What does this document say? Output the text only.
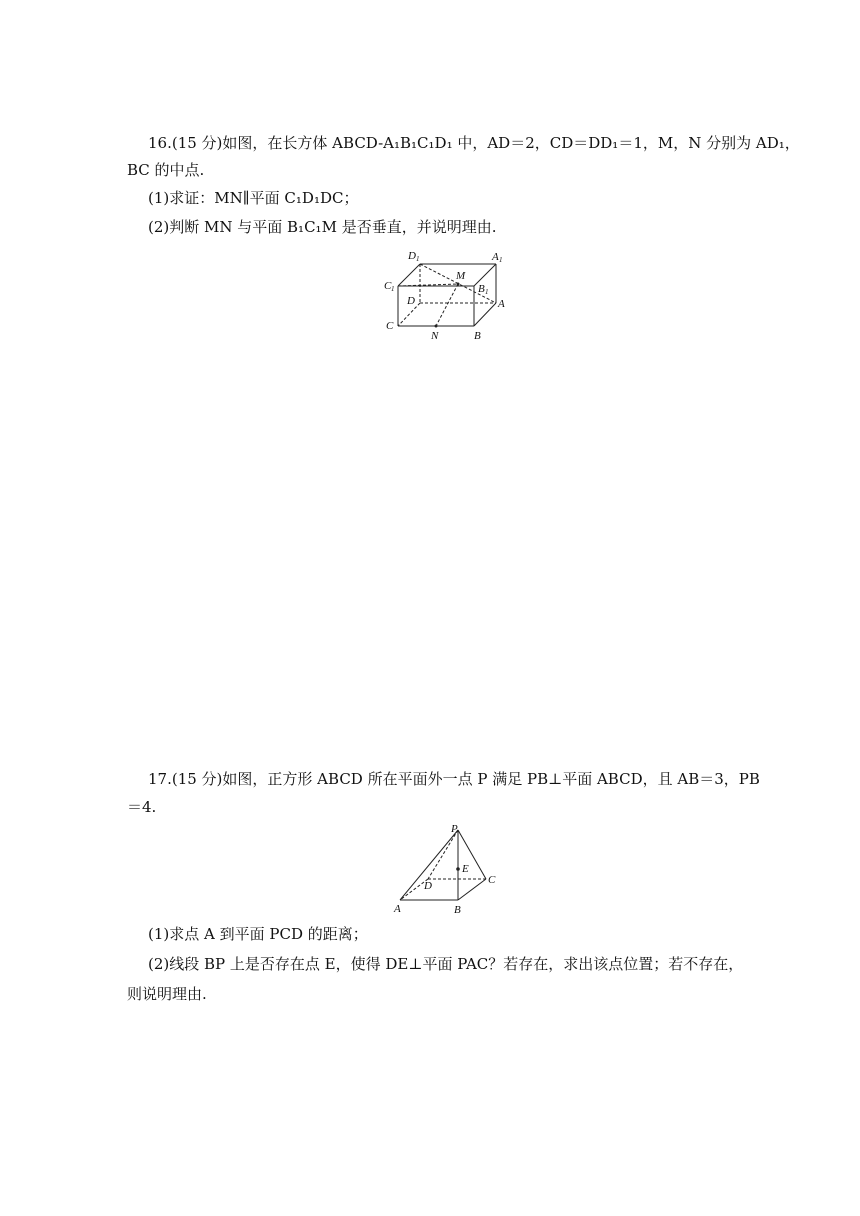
16.(15 分)如图，在长方体 ABCD-A₁B₁C₁D₁ 中，AD＝2，CD＝DD₁＝1，M，N 分别为 AD₁，
BC 的中点.
(1)求证：MN∥平面 C₁D₁DC；
(2)判断 MN 与平面 B₁C₁M 是否垂直，并说明理由.
D 1	A 1
C 1
M
B 1
D	A
C
N	B
17.(15 分)如图，正方形 ABCD 所在平面外一点 P 满足 PB⊥平面 ABCD，且 AB＝3，PB
＝4.
P
E
D	C
A	B
(1)求点 A 到平面 PCD 的距离；
(2)线段 BP 上是否存在点 E，使得 DE⊥平面 PAC？若存在，求出该点位置；若不存在，
则说明理由.
